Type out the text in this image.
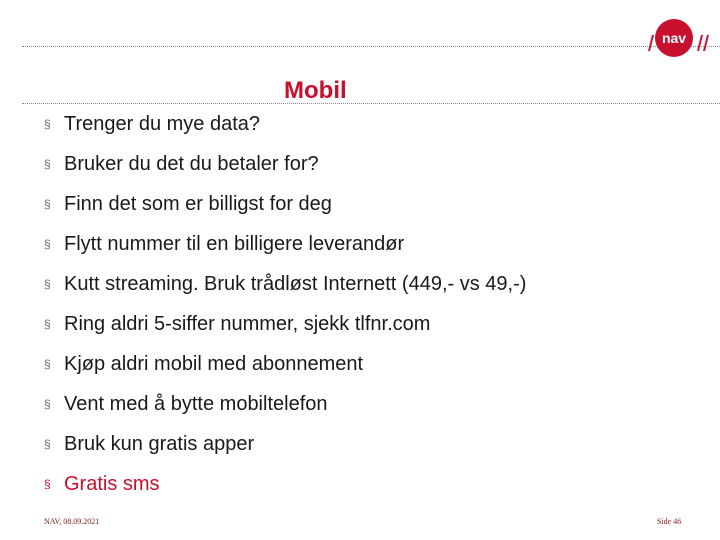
nav
Mobil
§ Trenger du mye data?
§ Bruker du det du betaler for?
§ Finn det som er billigst for deg
§ Flytt nummer til en billigere leverandør
§ Kutt streaming. Bruk trådløst Internett (449,- vs 49,-)
§ Ring aldri 5-siffer nummer, sjekk tlfnr.com
§ Kjøp aldri mobil med abonnement
§ Vent med å bytte mobiltelefon
§ Bruk kun gratis apper
§ Gratis sms
NAV, 08.09.2021	Side 46
